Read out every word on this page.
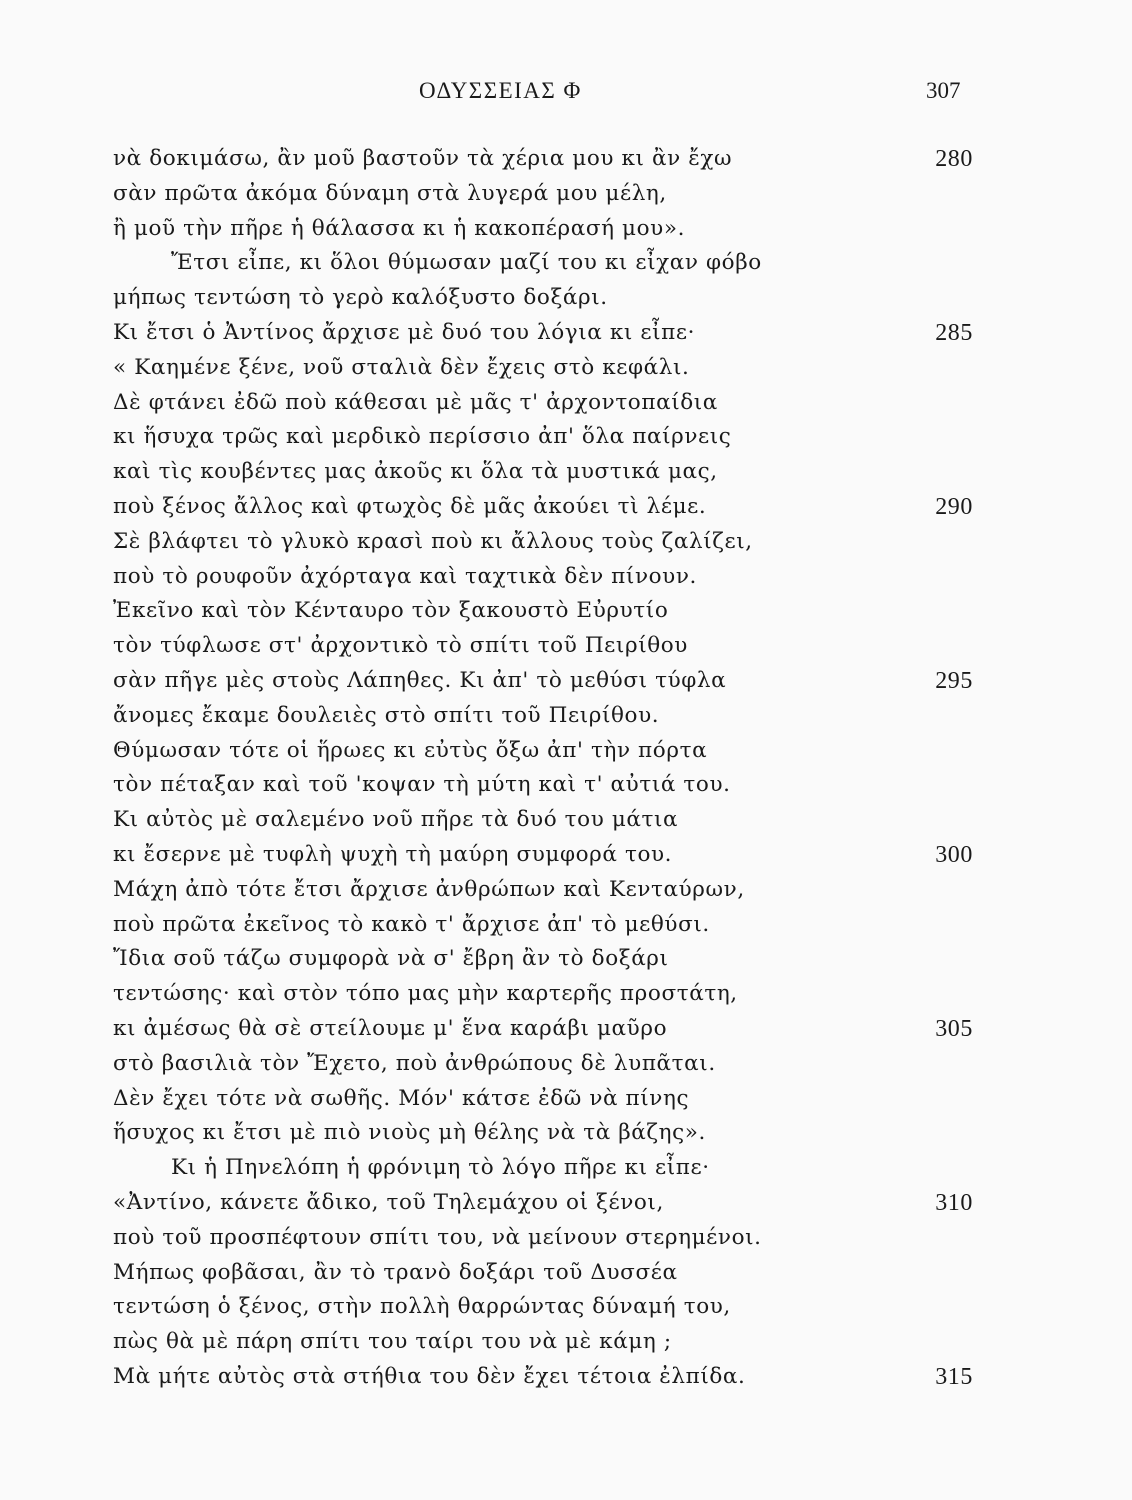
ΟΔΥΣΣΕΙΑΣ Φ	307
νὰ δοκιμάσω, ἂν μοῦ βαστοῦν τὰ χέρια μου κι ἂν ἔχω	280
σὰν πρῶτα ἀκόμα δύναμη στὰ λυγερά μου μέλη,
ἢ μοῦ τὴν πῆρε ἡ θάλασσα κι ἡ κακοπέρασή μου».
Ἔτσι εἶπε, κι ὅλοι θύμωσαν μαζί του κι εἶχαν φόβο
μήπως τεντώση τὸ γερὸ καλόξυστο δοξάρι.
Κι ἔτσι ὁ Ἀντίνος ἄρχισε μὲ δυό του λόγια κι εἶπε·	285
« Καημένε ξένε, νοῦ σταλιὰ δὲν ἔχεις στὸ κεφάλι.
Δὲ φτάνει ἐδῶ ποὺ κάθεσαι μὲ μᾶς τ' ἀρχοντοπαίδια
κι ἥσυχα τρῶς καὶ μερδικὸ περίσσιο ἀπ' ὅλα παίρνεις
καὶ τὶς κουβέντες μας ἀκοῦς κι ὅλα τὰ μυστικά μας,
ποὺ ξένος ἄλλος καὶ φτωχὸς δὲ μᾶς ἀκούει τὶ λέμε.	290
Σὲ βλάφτει τὸ γλυκὸ κρασὶ ποὺ κι ἄλλους τοὺς ζαλίζει,
ποὺ τὸ ρουφοῦν ἀχόρταγα καὶ ταχτικὰ δὲν πίνουν.
Ἐκεῖνο καὶ τὸν Κένταυρο τὸν ξακουστὸ Εὐρυτίο
τὸν τύφλωσε στ' ἀρχοντικὸ τὸ σπίτι τοῦ Πειρίθου
σὰν πῆγε μὲς στοὺς Λάπηθες. Κι ἀπ' τὸ μεθύσι τύφλα	295
ἄνομες ἔκαμε δουλειὲς στὸ σπίτι τοῦ Πειρίθου.
Θύμωσαν τότε οἱ ἥρωες κι εὐτὺς ὄξω ἀπ' τὴν πόρτα
τὸν πέταξαν καὶ τοῦ 'κοψαν τὴ μύτη καὶ τ' αὐτιά του.
Κι αὐτὸς μὲ σαλεμένο νοῦ πῆρε τὰ δυό του μάτια
κι ἔσερνε μὲ τυφλὴ ψυχὴ τὴ μαύρη συμφορά του.	300
Μάχη ἀπὸ τότε ἔτσι ἄρχισε ἀνθρώπων καὶ Κενταύρων,
ποὺ πρῶτα ἐκεῖνος τὸ κακὸ τ' ἄρχισε ἀπ' τὸ μεθύσι.
Ἴδια σοῦ τάζω συμφορὰ νὰ σ' ἔβρη ἂν τὸ δοξάρι
τεντώσης· καὶ στὸν τόπο μας μὴν καρτερῆς προστάτη,
κι ἀμέσως θὰ σὲ στείλουμε μ' ἕνα καράβι μαῦρο	305
στὸ βασιλιὰ τὸν Ἔχετο, ποὺ ἀνθρώπους δὲ λυπᾶται.
Δὲν ἔχει τότε νὰ σωθῆς. Μόν' κάτσε ἐδῶ νὰ πίνης
ἥσυχος κι ἔτσι μὲ πιὸ νιοὺς μὴ θέλης νὰ τὰ βάζης».
Κι ἡ Πηνελόπη ἡ φρόνιμη τὸ λόγο πῆρε κι εἶπε·
«Ἀντίνο, κάνετε ἄδικο, τοῦ Τηλεμάχου οἱ ξένοι,	310
ποὺ τοῦ προσπέφτουν σπίτι του, νὰ μείνουν στερημένοι.
Μήπως φοβᾶσαι, ἂν τὸ τρανὸ δοξάρι τοῦ Δυσσέα
τεντώση ὁ ξένος, στὴν πολλὴ θαρρώντας δύναμή του,
πὼς θὰ μὲ πάρη σπίτι του ταίρι του νὰ μὲ κάμη ;
Μὰ μήτε αὐτὸς στὰ στήθια του δὲν ἔχει τέτοια ἐλπίδα.	315
